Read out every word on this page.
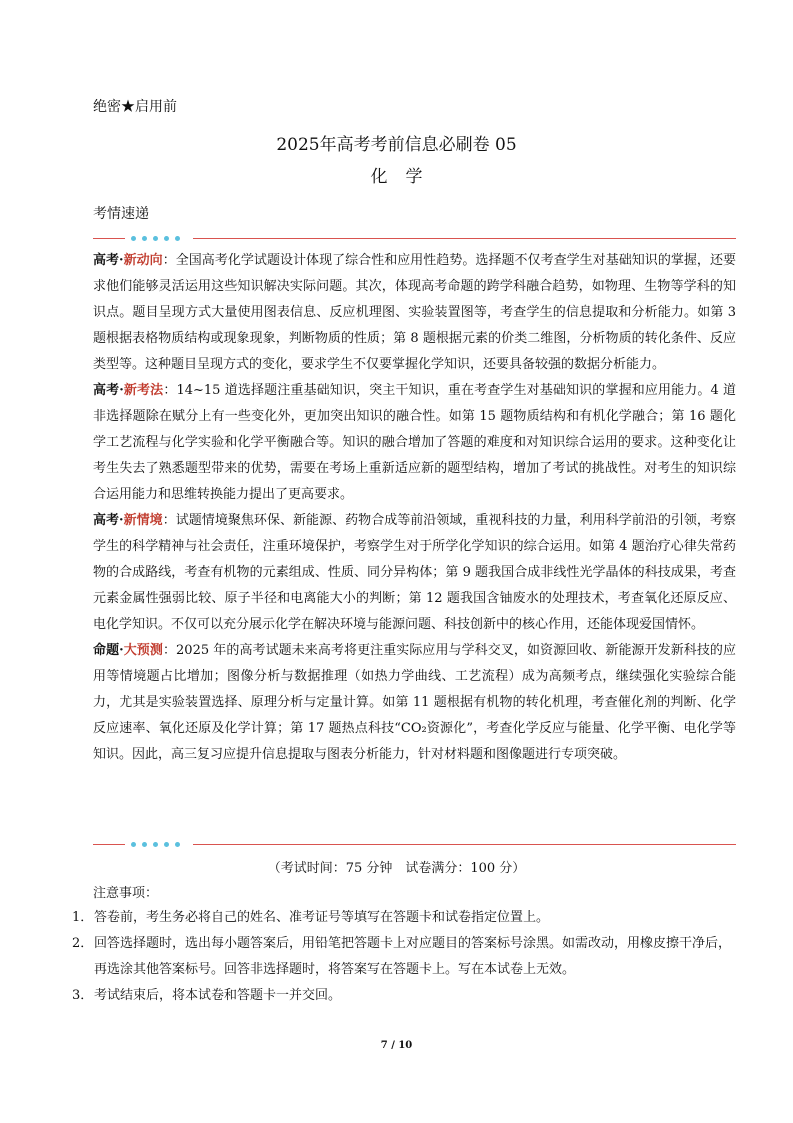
绝密★启用前
2025年高考考前信息必刷卷 05
化学
考情速递

高考·新动向：全国高考化学试题设计体现了综合性和应用性趋势。选择题不仅考查学生对基础知识的掌握，还要求他们能够灵活运用这些知识解决实际问题。其次，体现高考命题的跨学科融合趋势，如物理、生物等学科的知识点。题目呈现方式大量使用图表信息、反应机理图、实验装置图等，考查学生的信息提取和分析能力。如第 3 题根据表格物质结构或现象现象，判断物质的性质；第 8 题根据元素的价类二维图，分析物质的转化条件、反应类型等。这种题目呈现方式的变化，要求学生不仅要掌握化学知识，还要具备较强的数据分析能力。

高考·新考法：14~15 道选择题注重基础知识，突主干知识，重在考查学生对基础知识的掌握和应用能力。4 道非选择题除在赋分上有一些变化外，更加突出知识的融合性。如第 15 题物质结构和有机化学融合；第 16 题化学工艺流程与化学实验和化学平衡融合等。知识的融合增加了答题的难度和对知识综合运用的要求。这种变化让考生失去了熟悉题型带来的优势，需要在考场上重新适应新的题型结构，增加了考试的挑战性。对考生的知识综合运用能力和思维转换能力提出了更高要求。

高考·新情境：试题情境聚焦环保、新能源、药物合成等前沿领域，重视科技的力量，利用科学前沿的引领，考察学生的科学精神与社会责任，注重环境保护，考察学生对于所学化学知识的综合运用。如第 4 题治疗心律失常药物的合成路线，考查有机物的元素组成、性质、同分异构体；第 9 题我国合成非线性光学晶体的科技成果，考查元素金属性强弱比较、原子半径和电离能大小的判断；第 12 题我国含铀废水的处理技术，考查氧化还原反应、电化学知识。不仅可以充分展示化学在解决环境与能源问题、科技创新中的核心作用，还能体现爱国情怀。

命题·大预测：2025 年的高考试题未来高考将更注重实际应用与学科交叉，如资源回收、新能源开发新科技的应用等情境题占比增加；图像分析与数据推理（如热力学曲线、工艺流程）成为高频考点，继续强化实验综合能力，尤其是实验装置选择、原理分析与定量计算。如第 11 题根据有机物的转化机理，考查催化剂的判断、化学反应速率、氧化还原及化学计算；第 17 题热点科技“CO₂资源化”，考查化学反应与能量、化学平衡、电化学等知识。因此，高三复习应提升信息提取与图表分析能力，针对材料题和图像题进行专项突破。

（考试时间：75 分钟　试卷满分：100 分）
注意事项：
1． 答卷前，考生务必将自己的姓名、准考证号等填写在答题卡和试卷指定位置上。
2． 回答选择题时，选出每小题答案后，用铅笔把答题卡上对应题目的答案标号涂黑。如需改动，用橡皮擦干净后，再选涂其他答案标号。回答非选择题时，将答案写在答题卡上。写在本试卷上无效。
3． 考试结束后，将本试卷和答题卡一并交回。
7 / 10
